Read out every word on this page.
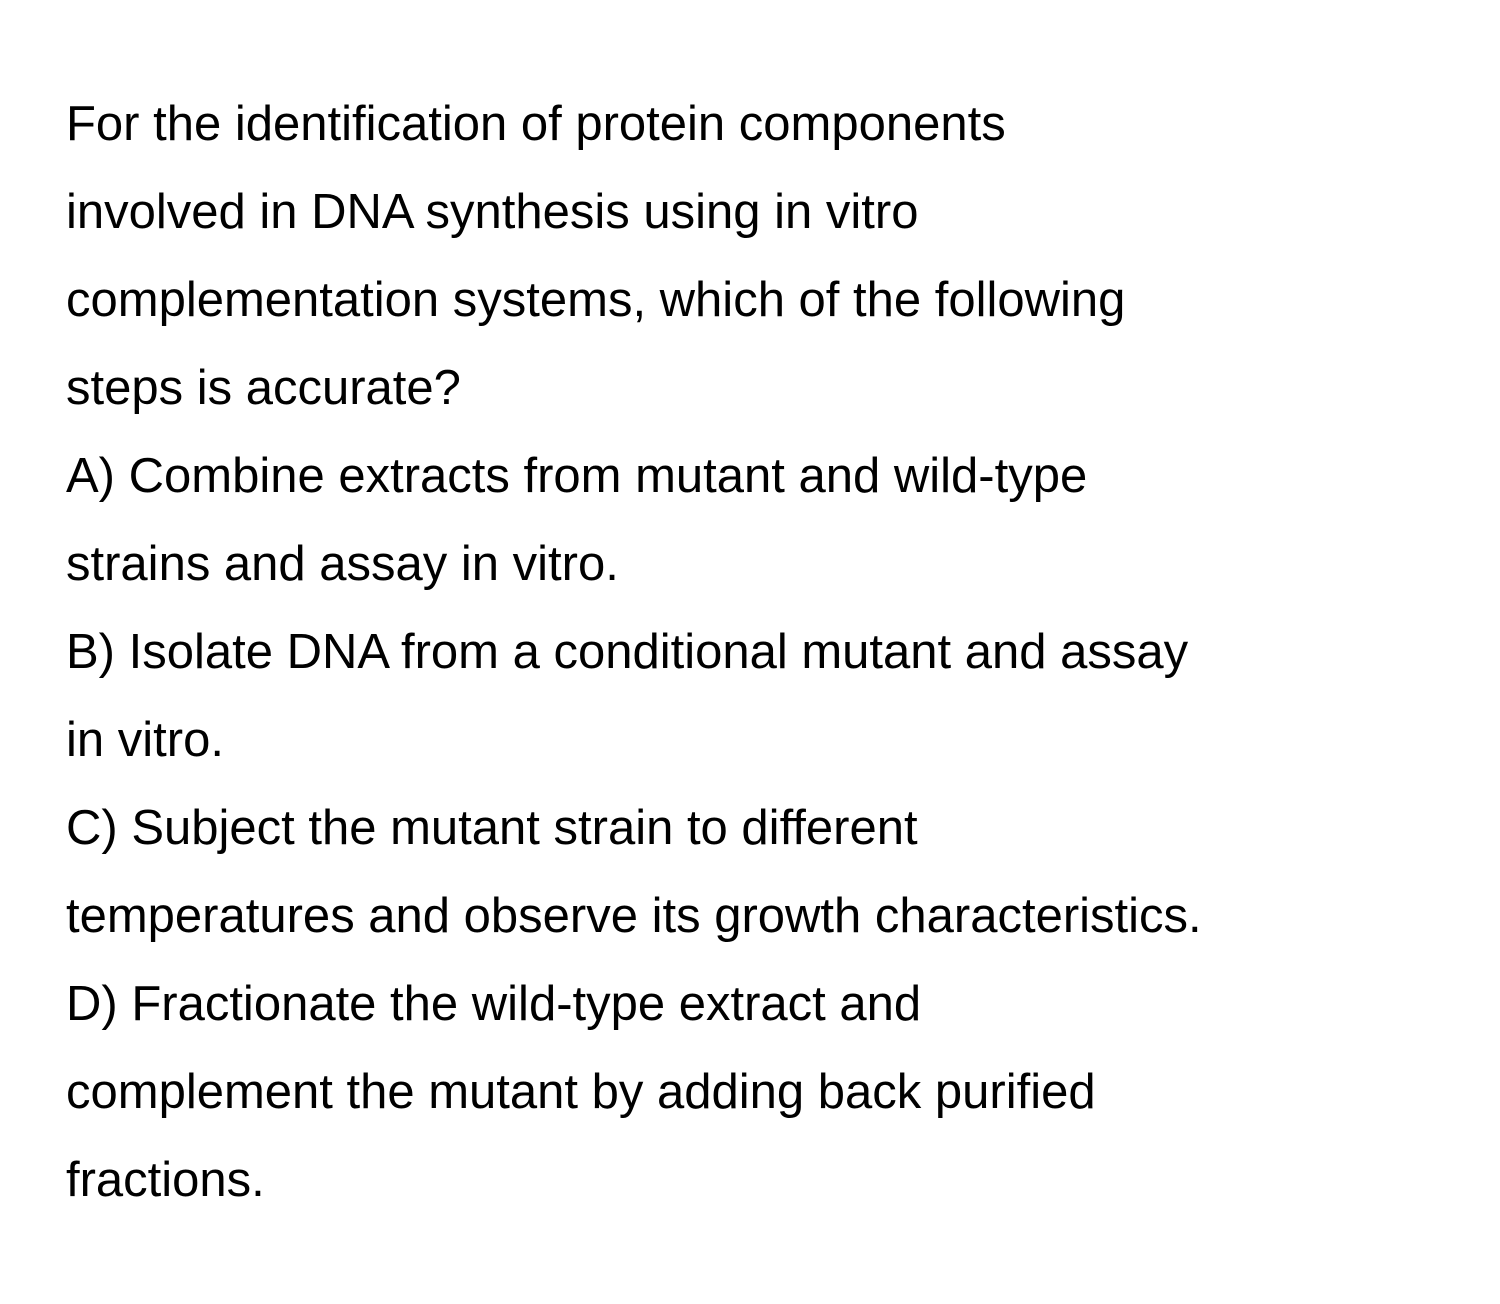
For the identification of protein components
involved in DNA synthesis using in vitro
complementation systems, which of the following
steps is accurate?
A) Combine extracts from mutant and wild-type
strains and assay in vitro.
B) Isolate DNA from a conditional mutant and assay
in vitro.
C) Subject the mutant strain to different
temperatures and observe its growth characteristics.
D) Fractionate the wild-type extract and
complement the mutant by adding back purified
fractions.
